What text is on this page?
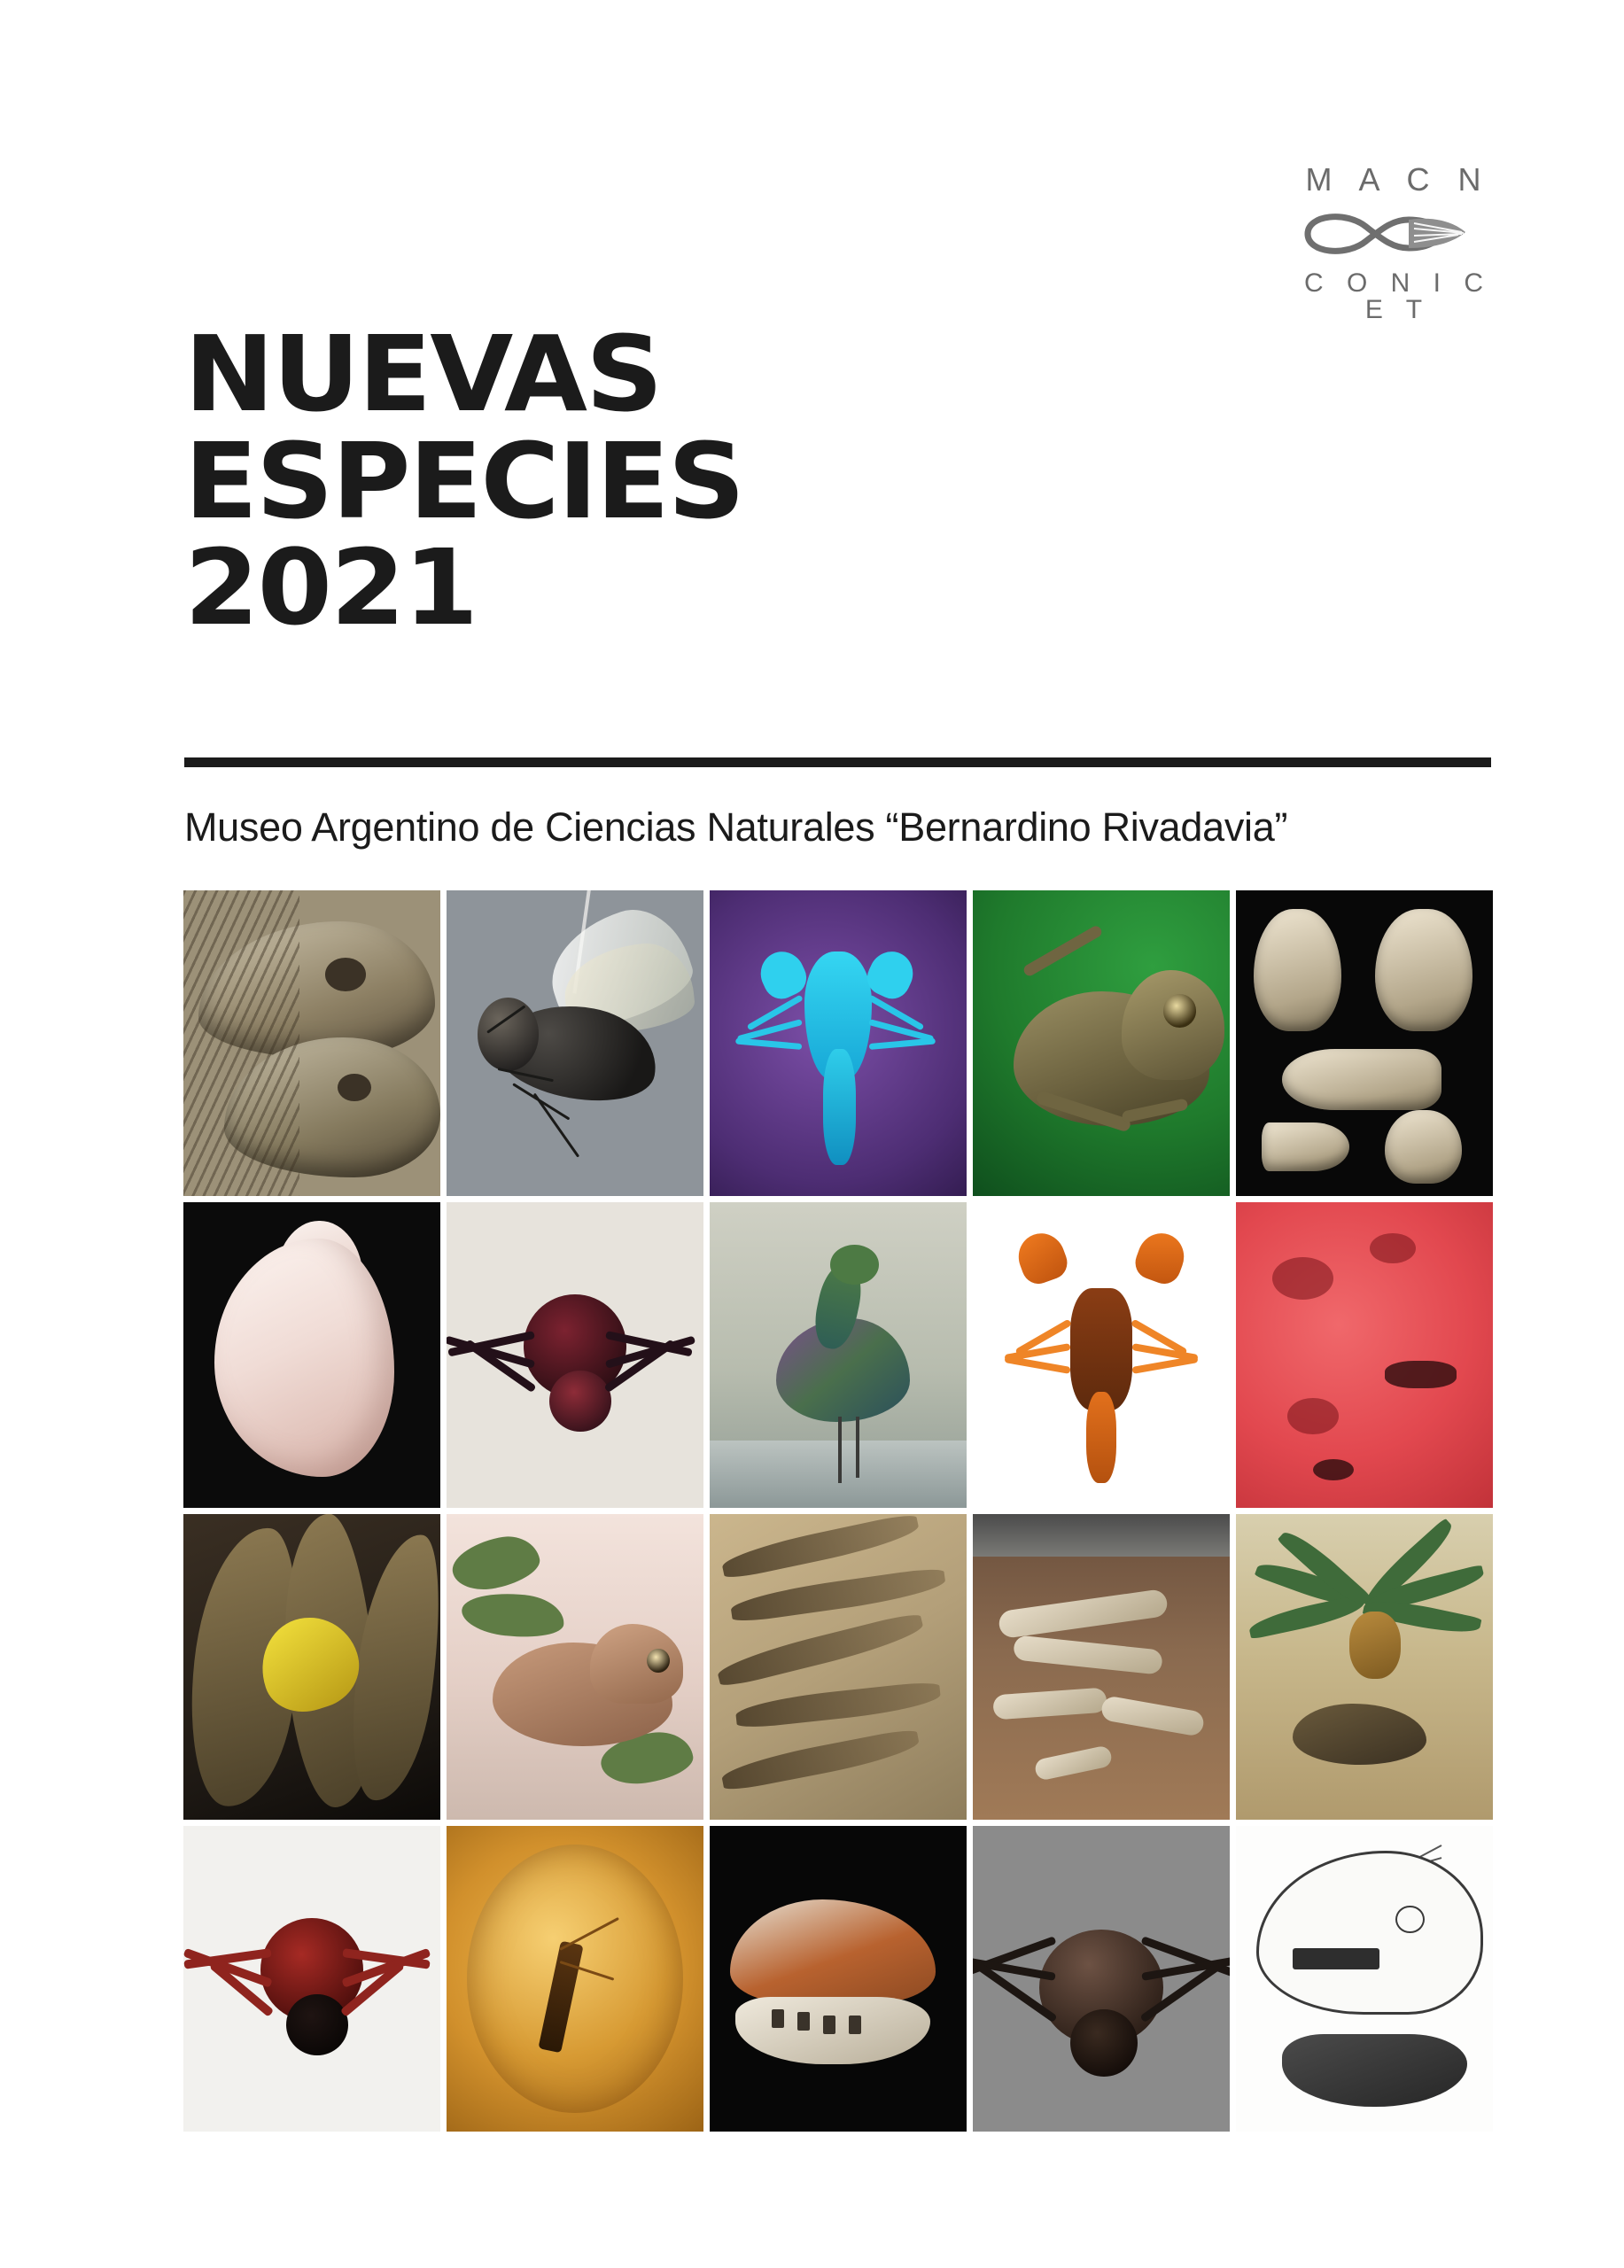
M A C N
C O N I C E T
NUEVAS
ESPECIES
2021
Museo Argentino de Ciencias Naturales “Bernardino Rivadavia”
